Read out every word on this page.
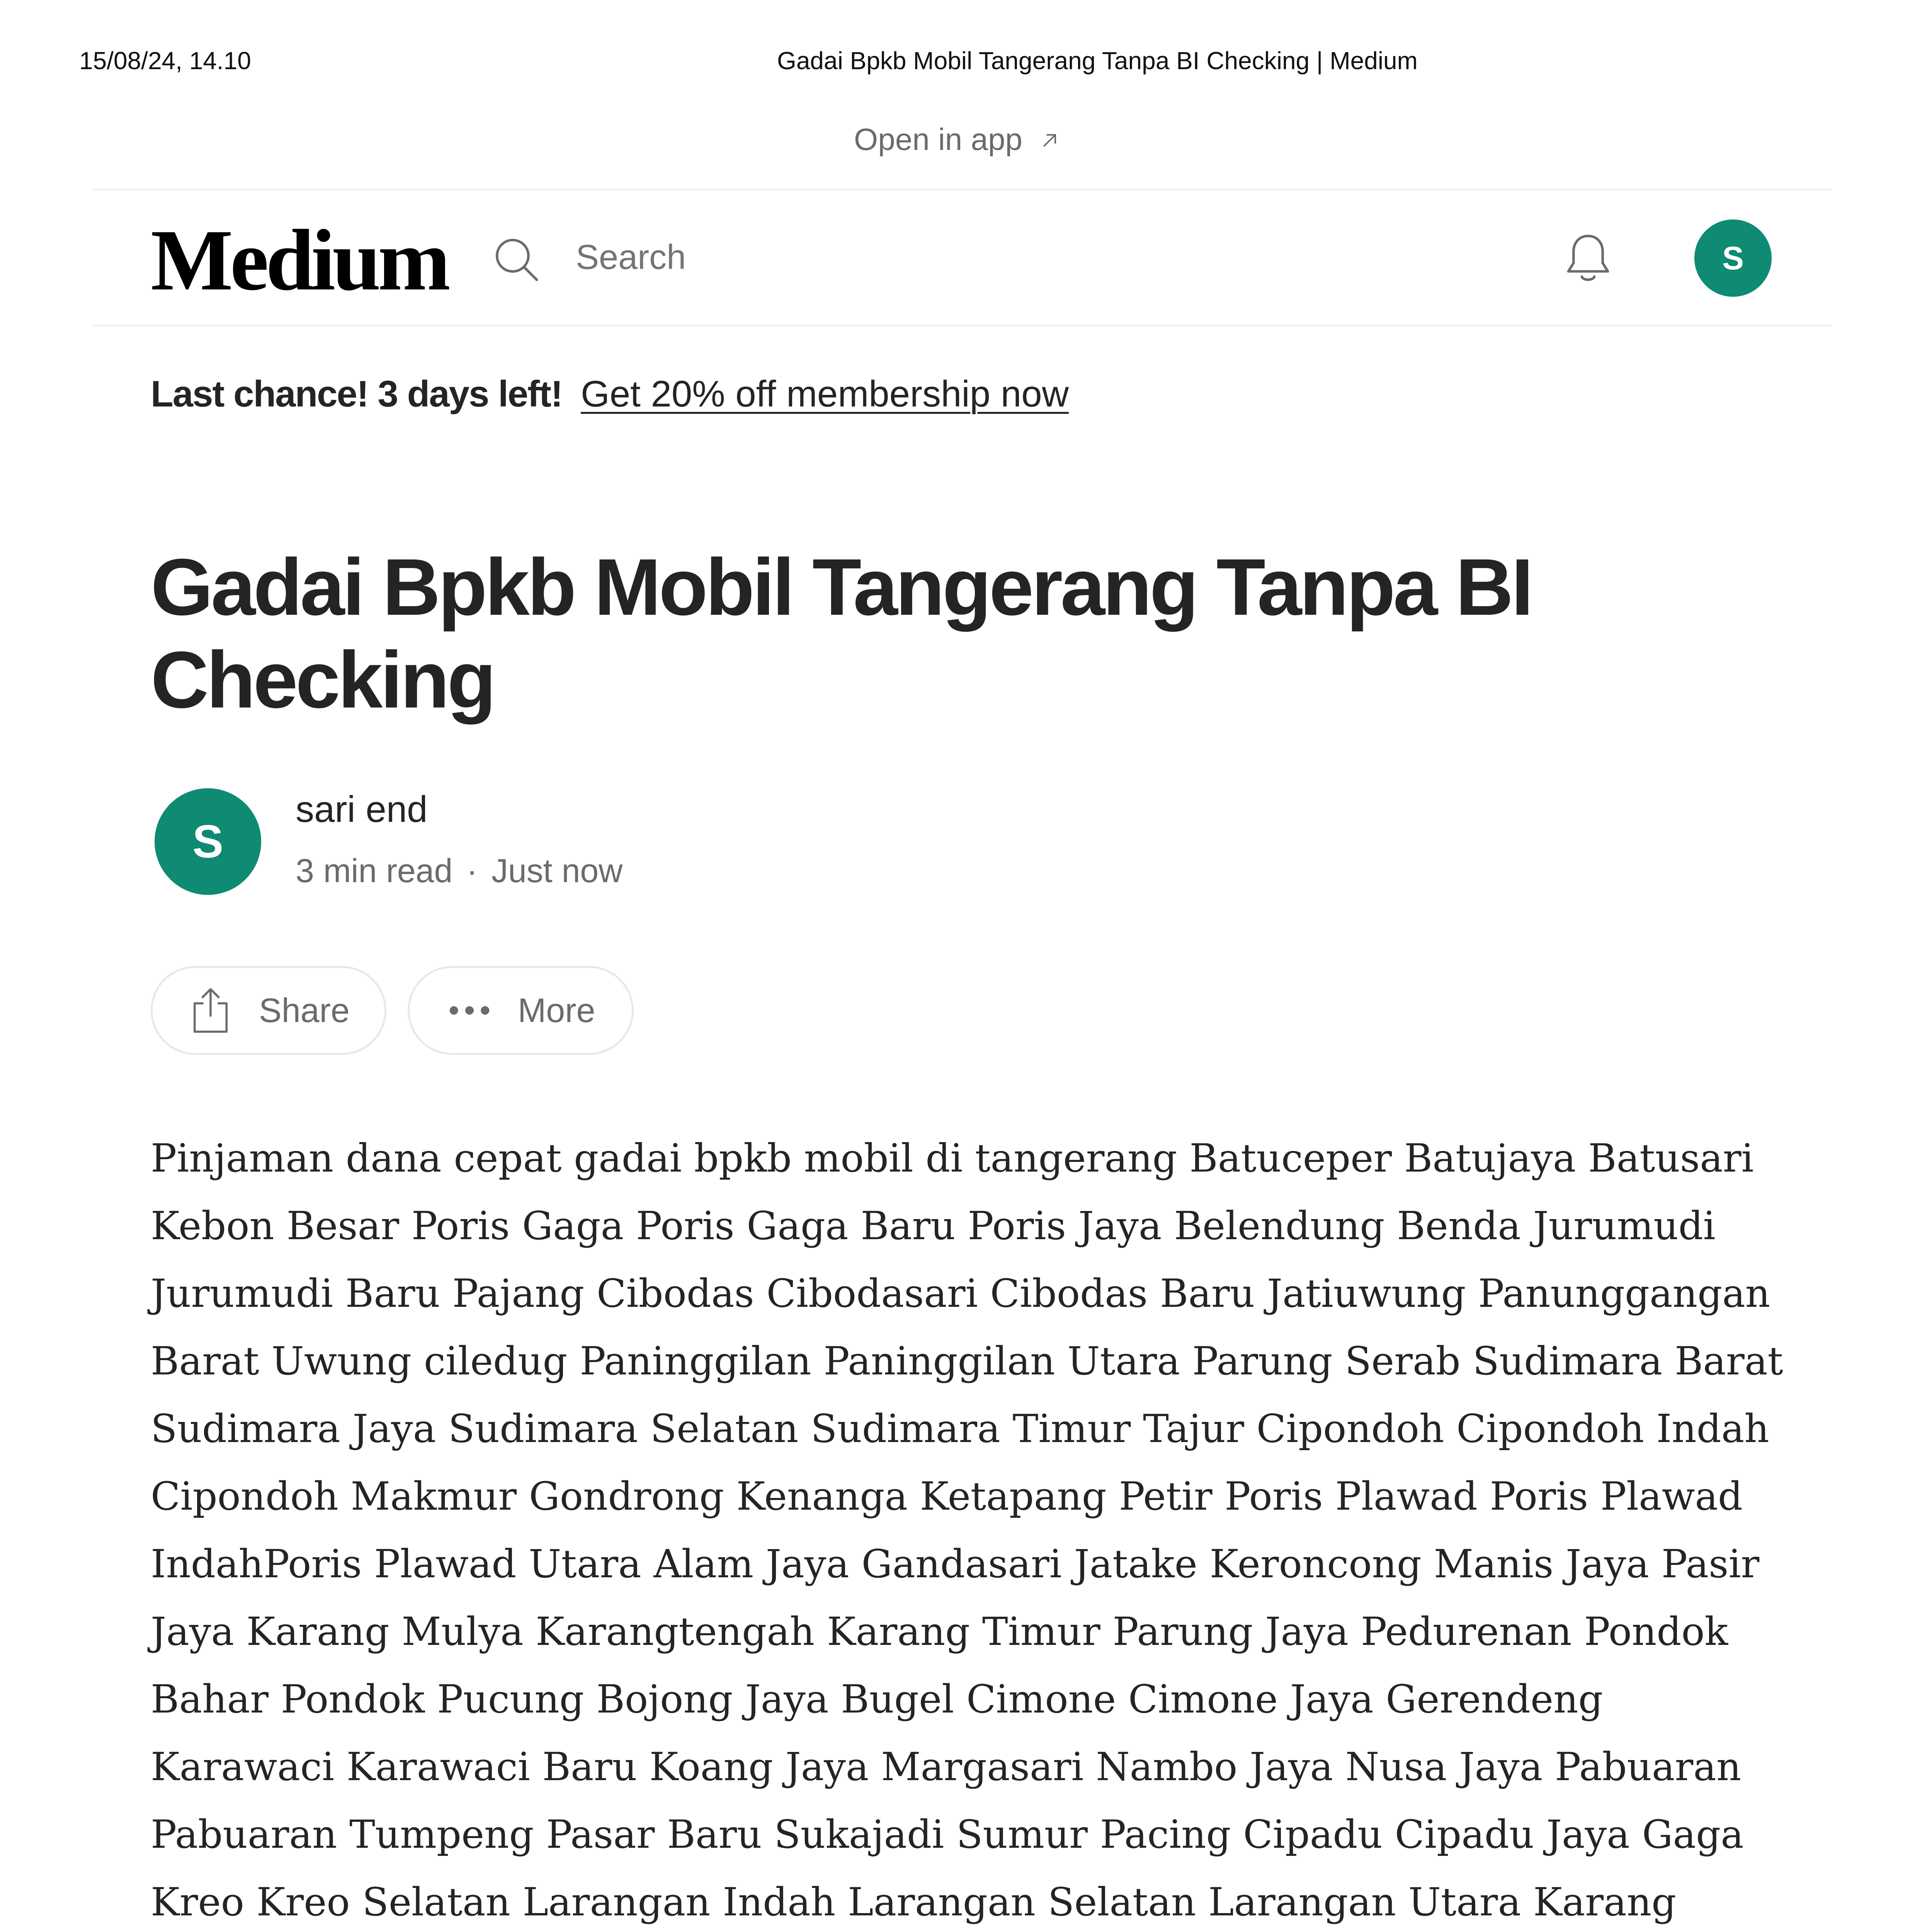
15/08/24, 14.10	Gadai Bpkb Mobil Tangerang Tanpa BI Checking | Medium
Open in app
Medium
Search	S
Last chance! 3 days left! Get 20% off membership now
Gadai Bpkb Mobil Tangerang Tanpa BI Checking
S
sari end
3 min read · Just now
Share	More

Pinjaman dana cepat gadai bpkb mobil di tangerang Batuceper Batujaya Batusari Kebon Besar Poris Gaga Poris Gaga Baru Poris Jaya Belendung Benda Jurumudi Jurumudi Baru Pajang Cibodas Cibodasari Cibodas Baru Jatiuwung Panunggangan Barat Uwung ciledug Paninggilan Paninggilan Utara Parung Serab Sudimara Barat Sudimara Jaya Sudimara Selatan Sudimara Timur Tajur Cipondoh Cipondoh Indah Cipondoh Makmur Gondrong Kenanga Ketapang Petir Poris Plawad Poris Plawad IndahPoris Plawad Utara Alam Jaya Gandasari Jatake Keroncong Manis Jaya Pasir Jaya Karang Mulya Karangtengah Karang Timur Parung Jaya Pedurenan Pondok Bahar Pondok Pucung Bojong Jaya Bugel Cimone Cimone Jaya Gerendeng Karawaci Karawaci Baru Koang Jaya Margasari Nambo Jaya Nusa Jaya Pabuaran Pabuaran Tumpeng Pasar Baru Sukajadi Sumur Pacing Cipadu Cipadu Jaya Gaga Kreo Kreo Selatan Larangan Indah Larangan Selatan Larangan Utara Karang
